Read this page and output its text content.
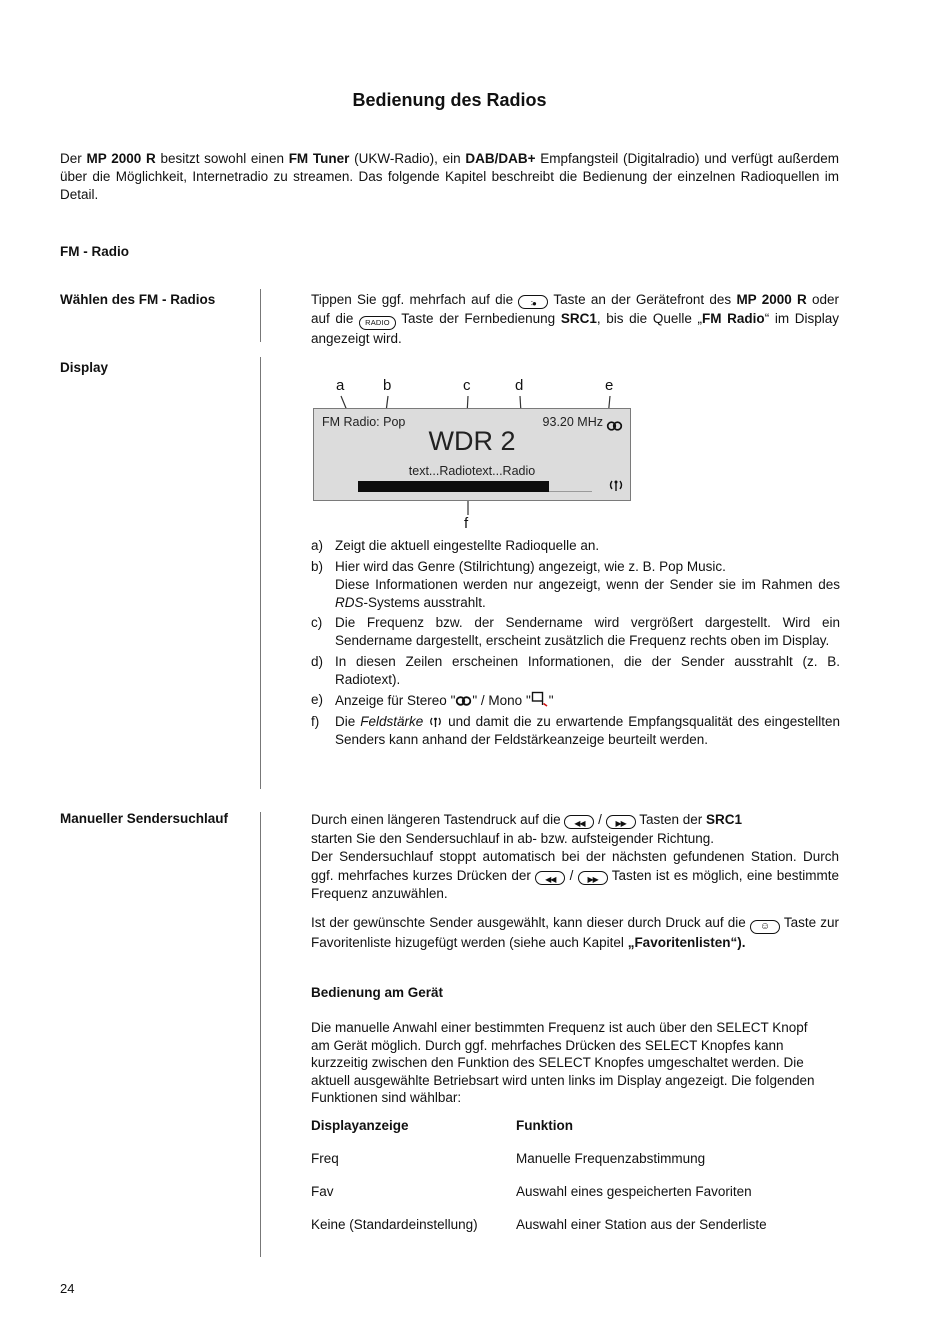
Bedienung des Radios
Der MP 2000 R besitzt sowohl einen FM Tuner (UKW-Radio), ein DAB/DAB+ Empfangsteil (Digitalradio) und verfügt außerdem über die Möglichkeit, Internetradio zu streamen. Das folgende Kapitel beschreibt die Bedienung der einzelnen Radioquellen im Detail.
FM - Radio
Wählen des FM - Radios	Tippen Sie ggf. mehrfach auf die ∶● Taste an der Gerätefront des MP 2000 R oder auf die RADIO Taste der Fernbedienung SRC1, bis die Quelle „FM Radio“ im Display angezeigt wird.
Display
a	b	c	d	e
f
FM Radio: Pop	93.20 MHz
WDR 2
text...Radiotext...Radio
a) Zeigt die aktuell eingestellte Radioquelle an.
b) Hier wird das Genre (Stilrichtung) angezeigt, wie z. B. Pop Music.
Diese Informationen werden nur angezeigt, wenn der Sender sie im Rahmen des RDS-Systems ausstrahlt.
c) Die Frequenz bzw. der Sendername wird vergrößert dargestellt. Wird ein Sendername dargestellt, erscheint zusätzlich die Frequenz rechts oben im Display.
d) In diesen Zeilen erscheinen Informationen, die der Sender ausstrahlt (z. B. Radiotext).
e) Anzeige für Stereo " " / Mono " "
f)	Die Feldstärke  und damit die zu erwartende Empfangsqualität des eingestellten Senders kann anhand der Feldstärkeanzeige beurteilt werden.
Manueller Sendersuchlauf	Durch einen längeren Tastendruck auf die ◀◀ / ▶▶ Tasten der SRC1
starten Sie den Sendersuchlauf in ab- bzw. aufsteigender Richtung.
Der Sendersuchlauf stoppt automatisch bei der nächsten gefundenen Station. Durch ggf. mehrfaches kurzes Drücken der ◀◀ / ▶▶ Tasten ist es möglich, eine bestimmte Frequenz anzuwählen.
Ist der gewünschte Sender ausgewählt, kann dieser durch Druck auf die ☺ Taste zur Favoritenliste hizugefügt werden (siehe auch Kapitel „Favoritenlisten“).
Bedienung am Gerät
Die manuelle Anwahl einer bestimmten Frequenz ist auch über den SELECT Knopf am Gerät möglich. Durch ggf. mehrfaches Drücken des SELECT Knopfes kann kurzzeitig zwischen den Funktion des SELECT Knopfes umgeschaltet werden. Die aktuell ausgewählte Betriebsart wird unten links im Display angezeigt. Die folgenden Funktionen sind wählbar:
Displayanzeige	Funktion
Freq	Manuelle Frequenzabstimmung
Fav	Auswahl eines gespeicherten Favoriten
Keine (Standardeinstellung)	Auswahl einer Station aus der Senderliste
24
